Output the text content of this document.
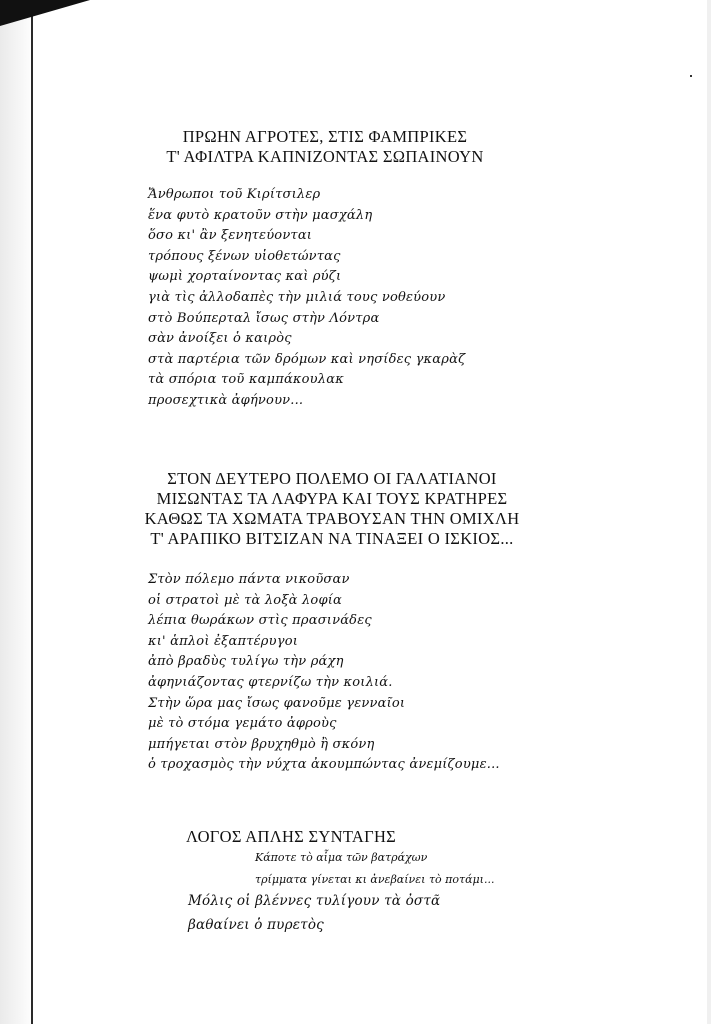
ΠΡΩΗΝ ΑΓΡΟΤΕΣ, ΣΤΙΣ ΦΑΜΠΡΙΚΕΣ
Τ' ΑΦΙΛΤΡΑ ΚΑΠΝΙΖΟΝΤΑΣ ΣΩΠΑΙΝΟΥΝ
Ἄνθρωποι τοῦ Κιρίτσιλερ
ἕνα φυτὸ κρατοῦν στὴν μασχάλη
ὅσο κι' ἂν ξενητεύονται
τρόπους ξένων υἱοθετώντας
ψωμὶ χορταίνοντας καὶ ρύζι
γιὰ τὶς ἀλλοδαπὲς τὴν μιλιά τους νοθεύουν
στὸ Βούπερταλ ἴσως στὴν Λόντρα
σὰν ἀνοίξει ὁ καιρὸς
στὰ παρτέρια τῶν δρόμων καὶ νησίδες γκαρὰζ
τὰ σπόρια τοῦ καμπάκουλακ
προσεχτικὰ ἀφήνουν...
ΣΤΟΝ ΔΕΥΤΕΡΟ ΠΟΛΕΜΟ ΟΙ ΓΑΛΑΤΙΑΝΟΙ
ΜΙΣΩΝΤΑΣ ΤΑ ΛΑΦΥΡΑ ΚΑΙ ΤΟΥΣ ΚΡΑΤΗΡΕΣ
ΚΑΘΩΣ ΤΑ ΧΩΜΑΤΑ ΤΡΑΒΟΥΣΑΝ ΤΗΝ ΟΜΙΧΛΗ
Τ' ΑΡΑΠΙΚΟ ΒΙΤΣΙΖΑΝ ΝΑ ΤΙΝΑΞΕΙ Ο ΙΣΚΙΟΣ...
Στὸν πόλεμο πάντα νικοῦσαν
οἱ στρατοὶ μὲ τὰ λοξὰ λοφία
λέπια θωράκων στὶς πρασινάδες
κι' ἁπλοὶ ἐξαπτέρυγοι
ἀπὸ βραδὺς τυλίγω τὴν ράχη
ἀφηνιάζοντας φτερνίζω τὴν κοιλιά.
Στὴν ὥρα μας ἴσως φανοῦμε γενναῖοι
μὲ τὸ στόμα γεμάτο ἀφροὺς
μπήγεται στὸν βρυχηθμὸ ἢ σκόνη
ὁ τροχασμὸς τὴν νύχτα ἀκουμπώντας ἀνεμίζουμε...
ΛΟΓΟΣ ΑΠΛΗΣ ΣΥΝΤΑΓΗΣ
Κάποτε τὸ αἷμα τῶν βατράχων
τρίμματα γίνεται κι ἀνεβαίνει τὸ ποτάμι...
Μόλις οἱ βλέννες τυλίγουν τὰ ὀστᾶ
βαθαίνει ὁ πυρετὸς
